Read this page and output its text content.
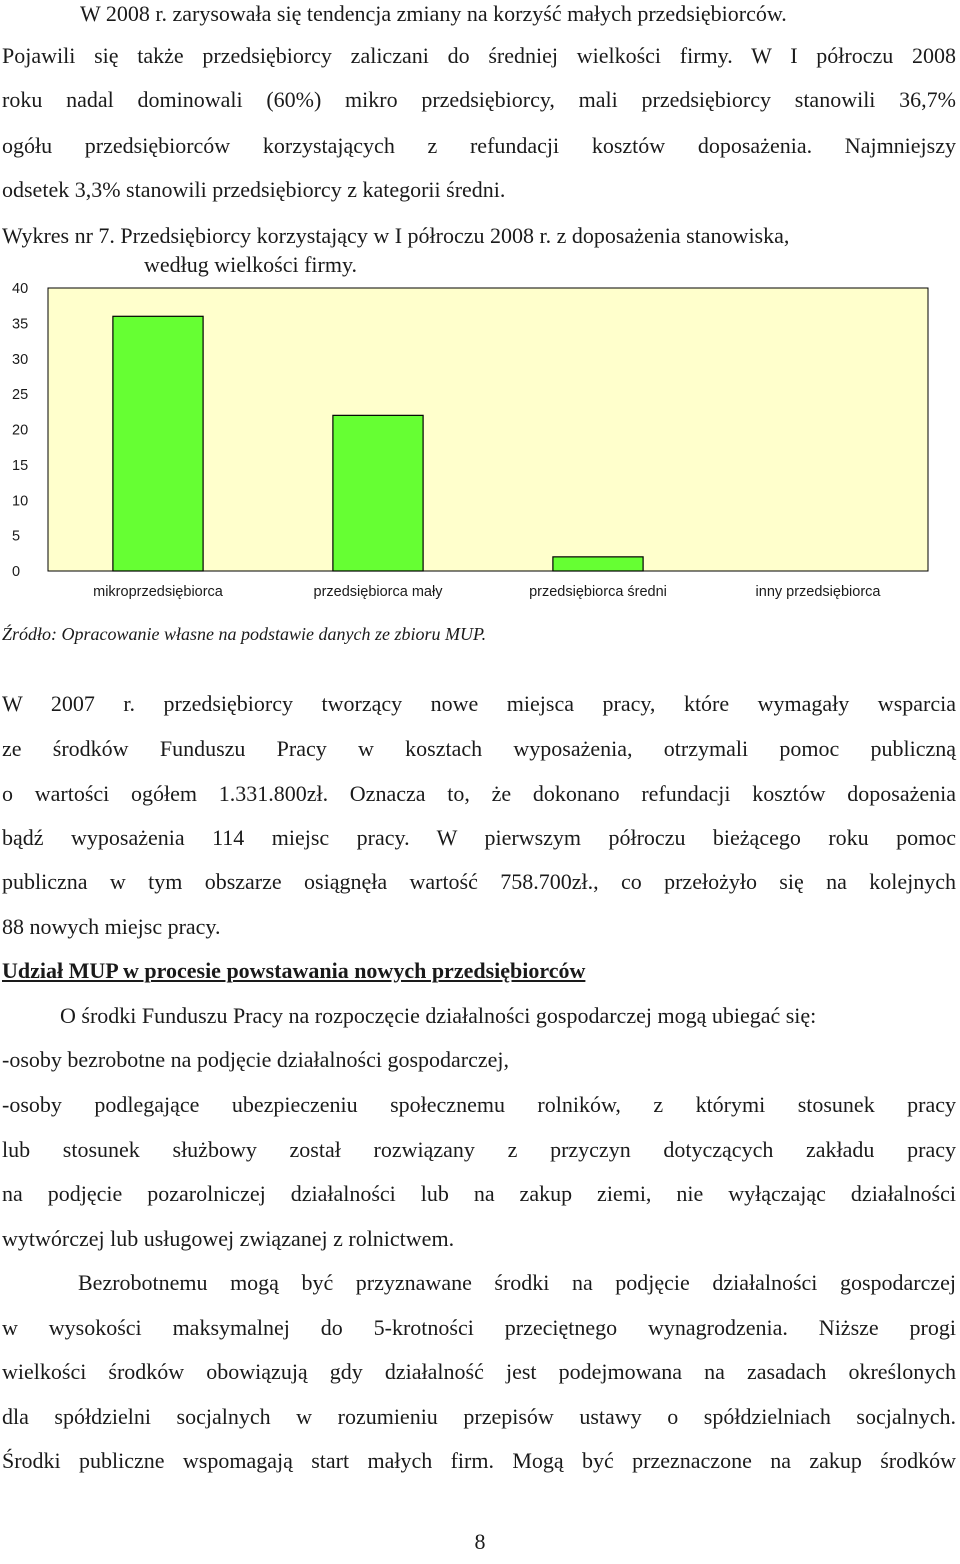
W 2008 r. zarysowała się tendencja zmiany na korzyść małych przedsiębiorców.
Pojawili się także przedsiębiorcy zaliczani do średniej wielkości firmy. W I półroczu 2008
roku nadal dominowali (60%) mikro przedsiębiorcy, mali przedsiębiorcy stanowili 36,7%
ogółu przedsiębiorców korzystających z refundacji kosztów doposażenia. Najmniejszy
odsetek 3,3% stanowili przedsiębiorcy z kategorii średni.
Wykres nr 7. Przedsiębiorcy korzystający w I półroczu 2008 r. z doposażenia stanowiska,
według wielkości firmy.
0
5
10
15
20
25
30
35
40
mikroprzedsiębiorca	przedsiębiorca mały	przedsiębiorca średni	inny przedsiębiorca
Źródło: Opracowanie własne na podstawie danych ze zbioru MUP.
W 2007 r. przedsiębiorcy tworzący nowe miejsca pracy, które wymagały wsparcia
ze środków Funduszu Pracy w kosztach wyposażenia, otrzymali pomoc publiczną
o wartości ogółem 1.331.800zł. Oznacza to, że dokonano refundacji kosztów doposażenia
bądź wyposażenia 114 miejsc pracy. W pierwszym półroczu bieżącego roku pomoc
publiczna w tym obszarze osiągnęła wartość 758.700zł., co przełożyło się na kolejnych
88 nowych miejsc pracy.
Udział MUP w procesie powstawania nowych przedsiębiorców
O środki Funduszu Pracy na rozpoczęcie działalności gospodarczej mogą ubiegać się:
-osoby bezrobotne na podjęcie działalności gospodarczej,
-osoby podlegające ubezpieczeniu społecznemu rolników, z którymi stosunek pracy
lub stosunek służbowy został rozwiązany z przyczyn dotyczących zakładu pracy
na podjęcie pozarolniczej działalności lub na zakup ziemi, nie wyłączając działalności
wytwórczej lub usługowej związanej z rolnictwem.
Bezrobotnemu mogą być przyznawane środki na podjęcie działalności gospodarczej
w wysokości maksymalnej do 5-krotności przeciętnego wynagrodzenia. Niższe progi
wielkości środków obowiązują gdy działalność jest podejmowana na zasadach określonych
dla spółdzielni socjalnych w rozumieniu przepisów ustawy o spółdzielniach socjalnych.
Środki publiczne wspomagają start małych firm. Mogą być przeznaczone na zakup środków
8
